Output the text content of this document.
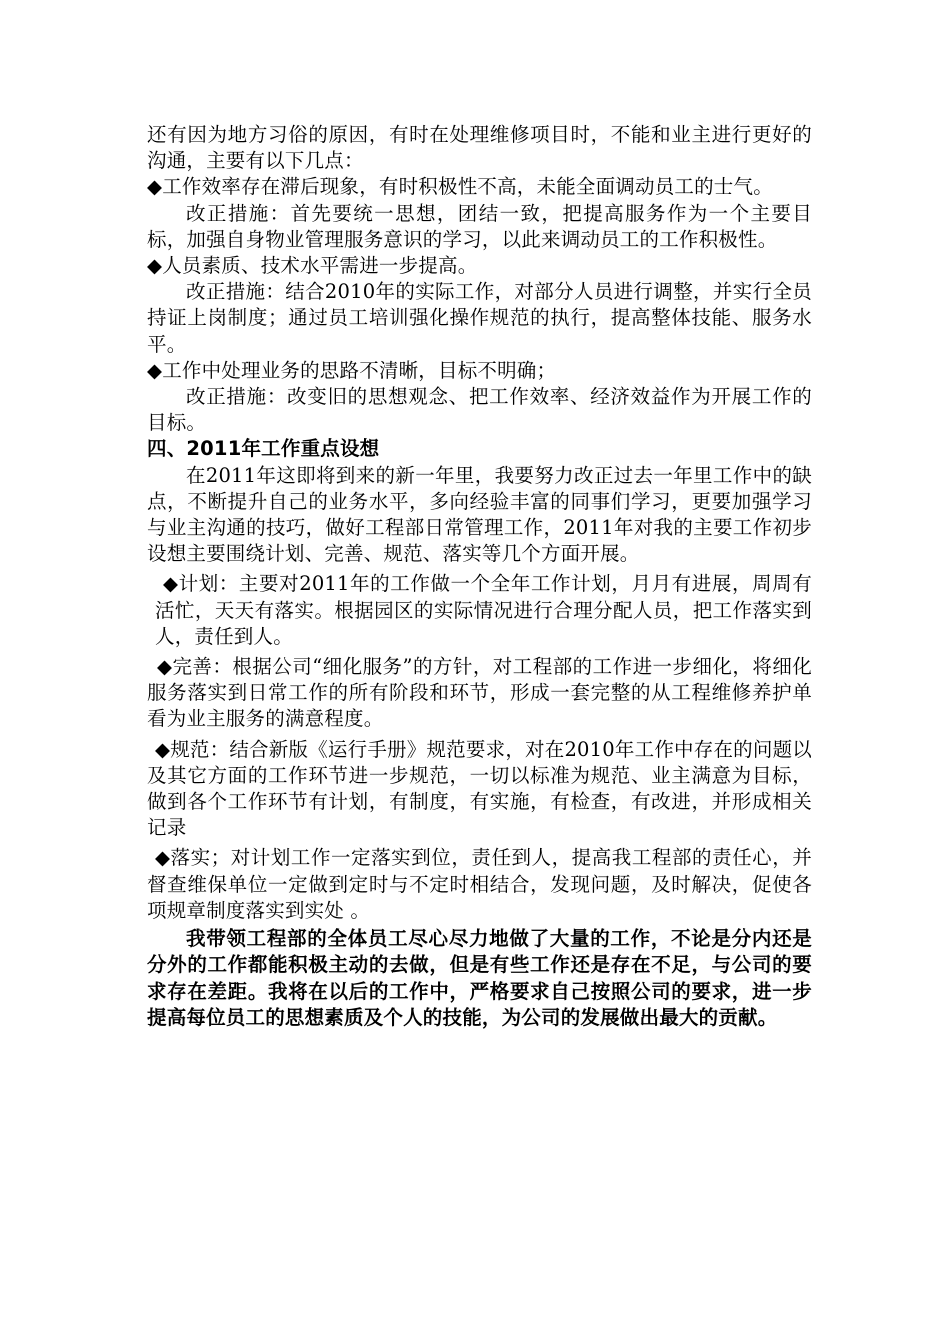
还有因为地方习俗的原因，有时在处理维修项目时，不能和业主进行更好的沟通，主要有以下几点：

◆工作效率存在滞后现象，有时积极性不高，未能全面调动员工的士气。

改正措施：首先要统一思想，团结一致，把提高服务作为一个主要目标，加强自身物业管理服务意识的学习，以此来调动员工的工作积极性。

◆人员素质、技术水平需进一步提高。

改正措施：结合2010年的实际工作，对部分人员进行调整，并实行全员持证上岗制度；通过员工培训强化操作规范的执行，提高整体技能、服务水平。

◆工作中处理业务的思路不清晰，目标不明确；

改正措施：改变旧的思想观念、把工作效率、经济效益作为开展工作的目标。

四、2011年工作重点设想

在2011年这即将到来的新一年里，我要努力改正过去一年里工作中的缺点，不断提升自己的业务水平，多向经验丰富的同事们学习，更要加强学习与业主沟通的技巧，做好工程部日常管理工作，2011年对我的主要工作初步设想主要围绕计划、完善、规范、落实等几个方面开展。

◆计划：主要对2011年的工作做一个全年工作计划，月月有进展，周周有活忙，天天有落实。根据园区的实际情况进行合理分配人员，把工作落实到人，责任到人。

◆完善：根据公司“细化服务”的方针，对工程部的工作进一步细化，将细化服务落实到日常工作的所有阶段和环节，形成一套完整的从工程维修养护单看为业主服务的满意程度。

◆规范：结合新版《运行手册》规范要求，对在2010年工作中存在的问题以及其它方面的工作环节进一步规范，一切以标准为规范、业主满意为目标，做到各个工作环节有计划，有制度，有实施，有检查，有改进，并形成相关记录

◆落实；对计划工作一定落实到位，责任到人，提高我工程部的责任心，并督查维保单位一定做到定时与不定时相结合，发现问题，及时解决，促使各项规章制度落实到实处 。

我带领工程部的全体员工尽心尽力地做了大量的工作，不论是分内还是分外的工作都能积极主动的去做，但是有些工作还是存在不足，与公司的要求存在差距。我将在以后的工作中，严格要求自己按照公司的要求，进一步提高每位员工的思想素质及个人的技能，为公司的发展做出最大的贡献。
